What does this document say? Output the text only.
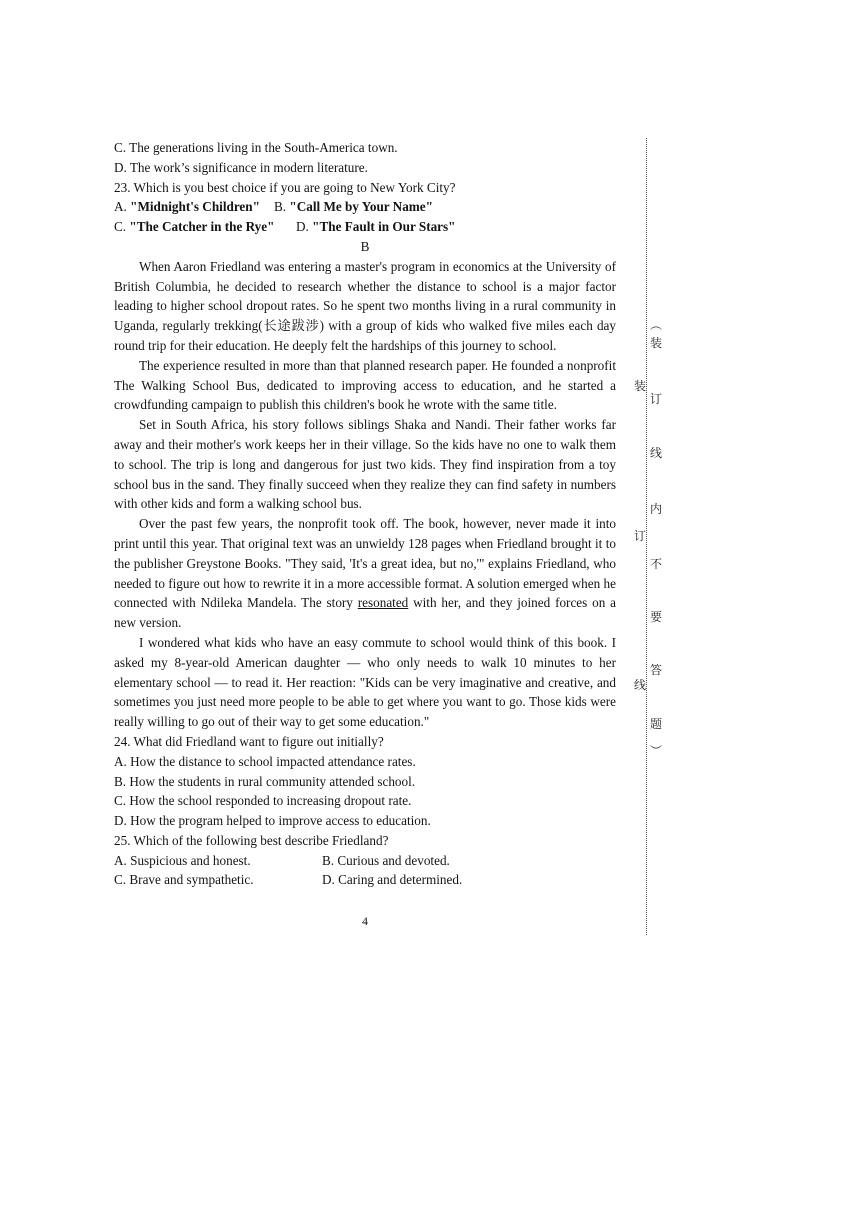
C. The generations living in the South-America town.
D. The work’s significance in modern literature.
23. Which is you best choice if you are going to New York City?
A. "Midnight's Children"	B. "Call Me by Your Name"
C. "The Catcher in the Rye"	D. "The Fault in Our Stars"

B

When Aaron Friedland was entering a master's program in economics at the University of British Columbia, he decided to research whether the distance to school is a major factor leading to higher school dropout rates. So he spent two months living in a rural community in Uganda, regularly trekking(长途跋涉) with a group of kids who walked five miles each day round trip for their education. He deeply felt the hardships of this journey to school.

The experience resulted in more than that planned research paper. He founded a nonprofit The Walking School Bus, dedicated to improving access to education, and he started a crowdfunding campaign to publish this children's book he wrote with the same title.

Set in South Africa, his story follows siblings Shaka and Nandi. Their father works far away and their mother's work keeps her in their village. So the kids have no one to walk them to school. The trip is long and dangerous for just two kids. They find inspiration from a toy school bus in the sand. They finally succeed when they realize they can find safety in numbers with other kids and form a walking school bus.

Over the past few years, the nonprofit took off. The book, however, never made it into print until this year. That original text was an unwieldy 128 pages when Friedland brought it to the publisher Greystone Books. "They said, 'It's a great idea, but no,'" explains Friedland, who needed to figure out how to rewrite it in a more accessible format. A solution emerged when he connected with Ndileka Mandela. The story resonated with her, and they joined forces on a new version.

I wondered what kids who have an easy commute to school would think of this book. I asked my 8-year-old American daughter — who only needs to walk 10 minutes to her elementary school — to read it. Her reaction: "Kids can be very imaginative and creative, and sometimes you just need more people to be able to get where you want to go. Those kids were really willing to go out of their way to get some education."

24. What did Friedland want to figure out initially?
A. How the distance to school impacted attendance rates.
B. How the students in rural community attended school.
C. How the school responded to increasing dropout rate.
D. How the program helped to improve access to education.
25. Which of the following best describe Friedland?
A. Suspicious and honest.	B. Curious and devoted.
C. Brave and sympathetic.	D. Caring and determined.
4
︵
装
装
订
线
内
订
不
要
答
线
题
︶
